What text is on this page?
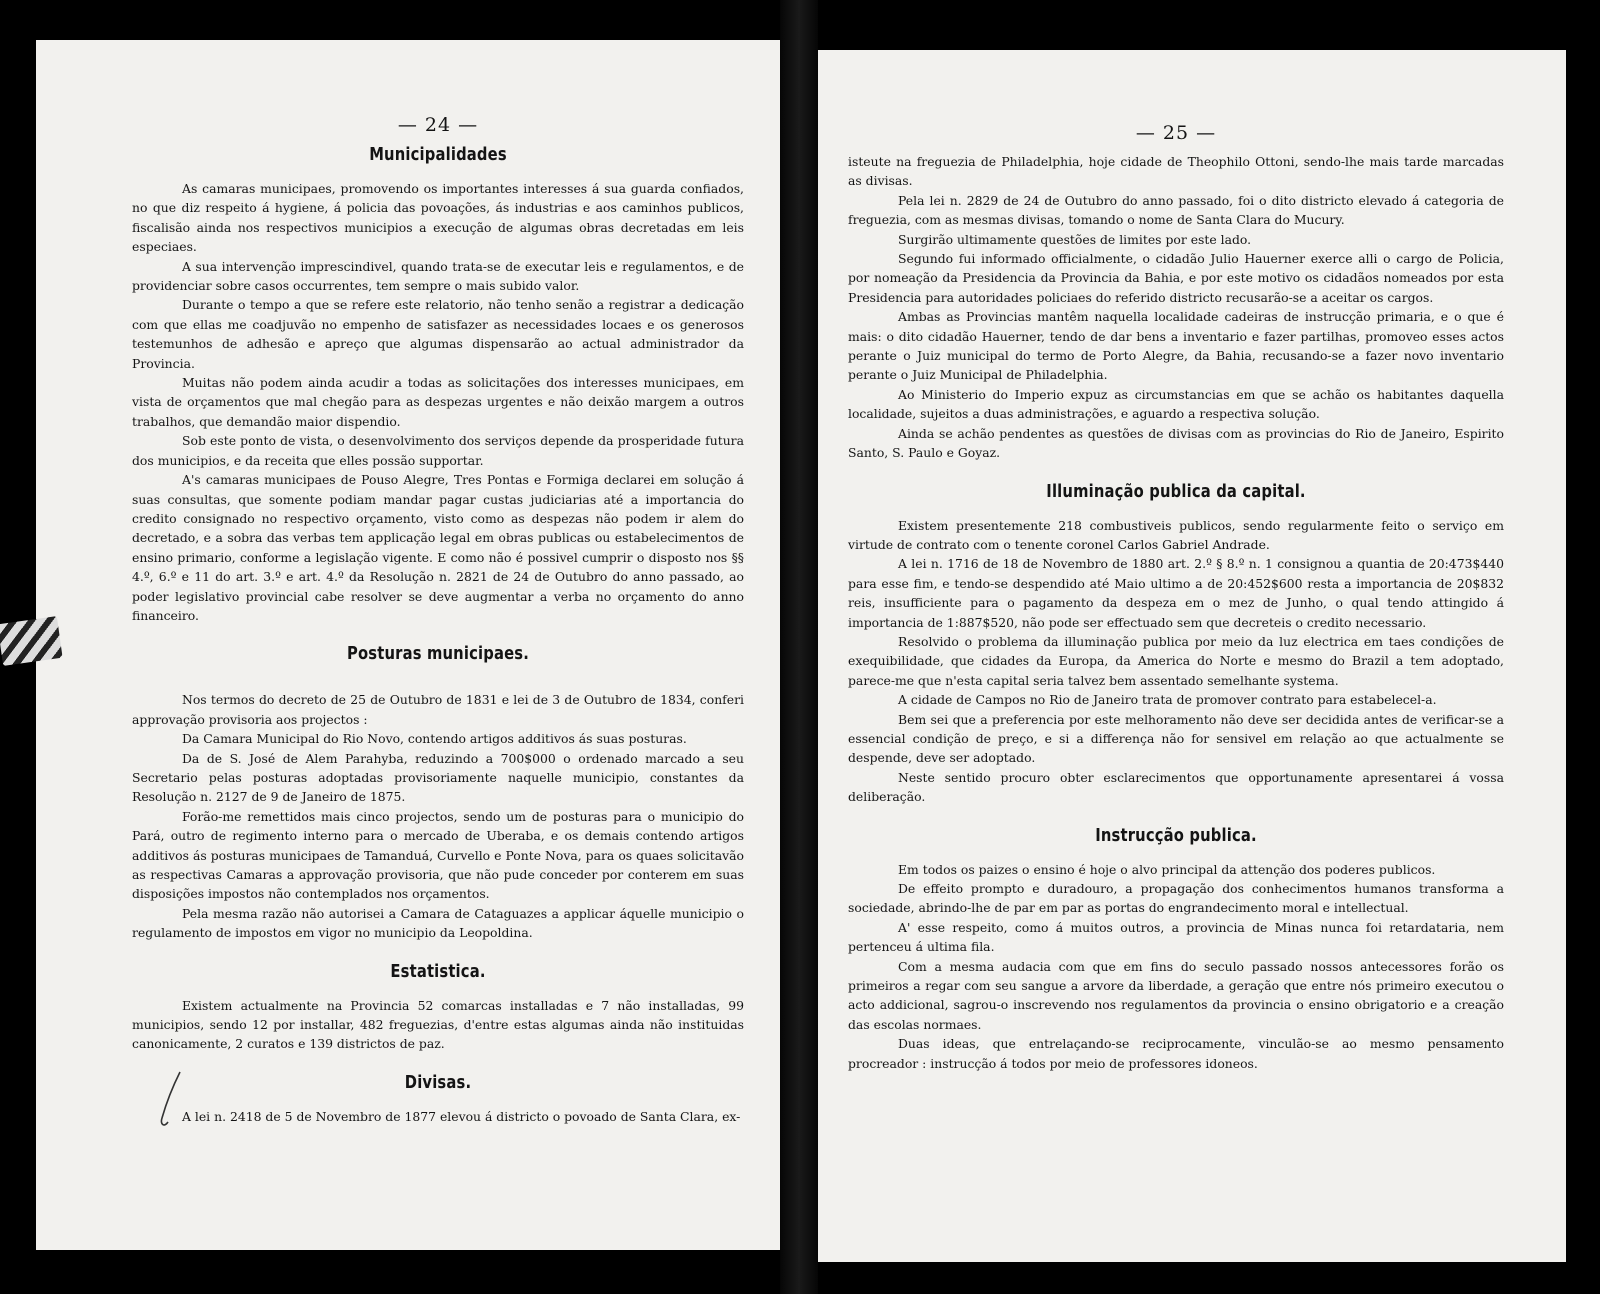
— 24 —
Municipalidades

As camaras municipaes, promovendo os importantes interesses á sua guarda confiados, no que diz respeito á hygiene, á policia das povoações, ás industrias e aos caminhos publicos, fiscalisão ainda nos respectivos municipios a execução de algumas obras decretadas em leis especiaes.

A sua intervenção imprescindivel, quando trata-se de executar leis e regulamentos, e de providenciar sobre casos occurrentes, tem sempre o mais subido valor.

Durante o tempo a que se refere este relatorio, não tenho senão a registrar a dedicação com que ellas me coadjuvão no empenho de satisfazer as necessidades locaes e os generosos testemunhos de adhesão e apreço que algumas dispensarão ao actual administrador da Provincia.

Muitas não podem ainda acudir a todas as solicitações dos interesses municipaes, em vista de orçamentos que mal chegão para as despezas urgentes e não deixão margem a outros trabalhos, que demandão maior dispendio.

Sob este ponto de vista, o desenvolvimento dos serviços depende da prosperidade futura dos municipios, e da receita que elles possão supportar.

A's camaras municipaes de Pouso Alegre, Tres Pontas e Formiga declarei em solução á suas consultas, que somente podiam mandar pagar custas judiciarias até a importancia do credito consignado no respectivo orçamento, visto como as despezas não podem ir alem do decretado, e a sobra das verbas tem applicação legal em obras publicas ou estabelecimentos de ensino primario, conforme a legislação vigente. E como não é possivel cumprir o disposto nos §§ 4.º, 6.º e 11 do art. 3.º e art. 4.º da Resolução n. 2821 de 24 de Outubro do anno passado, ao poder legislativo provincial cabe resolver se deve augmentar a verba no orçamento do anno financeiro.

Posturas municipaes.

Nos termos do decreto de 25 de Outubro de 1831 e lei de 3 de Outubro de 1834, conferi approvação provisoria aos projectos :

Da Camara Municipal do Rio Novo, contendo artigos additivos ás suas posturas.

Da de S. José de Alem Parahyba, reduzindo a 700$000 o ordenado marcado a seu Secretario pelas posturas adoptadas provisoriamente naquelle municipio, constantes da Resolução n. 2127 de 9 de Janeiro de 1875.

Forão-me remettidos mais cinco projectos, sendo um de posturas para o municipio do Pará, outro de regimento interno para o mercado de Uberaba, e os demais contendo artigos additivos ás posturas municipaes de Tamanduá, Curvello e Ponte Nova, para os quaes solicitavão as respectivas Camaras a approvação provisoria, que não pude conceder por conterem em suas disposições impostos não contemplados nos orçamentos.

Pela mesma razão não autorisei a Camara de Cataguazes a applicar áquelle municipio o regulamento de impostos em vigor no municipio da Leopoldina.

Estatistica.

Existem actualmente na Provincia 52 comarcas installadas e 7 não installadas, 99 municipios, sendo 12 por installar, 482 freguezias, d'entre estas algumas ainda não instituidas canonicamente, 2 curatos e 139 districtos de paz.

Divisas.

A lei n. 2418 de 5 de Novembro de 1877 elevou á districto o povoado de Santa Clara, ex-

— 25 —

isteute na freguezia de Philadelphia, hoje cidade de Theophilo Ottoni, sendo-lhe mais tarde marcadas as divisas.

Pela lei n. 2829 de 24 de Outubro do anno passado, foi o dito districto elevado á categoria de freguezia, com as mesmas divisas, tomando o nome de Santa Clara do Mucury.

Surgirão ultimamente questões de limites por este lado.

Segundo fui informado officialmente, o cidadão Julio Hauerner exerce alli o cargo de Policia, por nomeação da Presidencia da Provincia da Bahia, e por este motivo os cidadãos nomeados por esta Presidencia para autoridades policiaes do referido districto recusarão-se a aceitar os cargos.

Ambas as Provincias mantêm naquella localidade cadeiras de instrucção primaria, e o que é mais: o dito cidadão Hauerner, tendo de dar bens a inventario e fazer partilhas, promoveo esses actos perante o Juiz municipal do termo de Porto Alegre, da Bahia, recusando-se a fazer novo inventario perante o Juiz Municipal de Philadelphia.

Ao Ministerio do Imperio expuz as circumstancias em que se achão os habitantes daquella localidade, sujeitos a duas administrações, e aguardo a respectiva solução.

Ainda se achão pendentes as questões de divisas com as provincias do Rio de Janeiro, Espirito Santo, S. Paulo e Goyaz.

Illuminação publica da capital.

Existem presentemente 218 combustiveis publicos, sendo regularmente feito o serviço em virtude de contrato com o tenente coronel Carlos Gabriel Andrade.

A lei n. 1716 de 18 de Novembro de 1880 art. 2.º § 8.º n. 1 consignou a quantia de 20:473$440 para esse fim, e tendo-se despendido até Maio ultimo a de 20:452$600 resta a importancia de 20$832 reis, insufficiente para o pagamento da despeza em o mez de Junho, o qual tendo attingido á importancia de 1:887$520, não pode ser effectuado sem que decreteis o credito necessario.

Resolvido o problema da illuminação publica por meio da luz electrica em taes condições de exequibilidade, que cidades da Europa, da America do Norte e mesmo do Brazil a tem adoptado, parece-me que n'esta capital seria talvez bem assentado semelhante systema.

A cidade de Campos no Rio de Janeiro trata de promover contrato para estabelecel-a.

Bem sei que a preferencia por este melhoramento não deve ser decidida antes de verificar-se a essencial condição de preço, e si a differença não for sensivel em relação ao que actualmente se despende, deve ser adoptado.

Neste sentido procuro obter esclarecimentos que opportunamente apresentarei á vossa deliberação.

Instrucção publica.

Em todos os paizes o ensino é hoje o alvo principal da attenção dos poderes publicos.

De effeito prompto e duradouro, a propagação dos conhecimentos humanos transforma a sociedade, abrindo-lhe de par em par as portas do engrandecimento moral e intellectual.

A' esse respeito, como á muitos outros, a provincia de Minas nunca foi retardataria, nem pertenceu á ultima fila.

Com a mesma audacia com que em fins do seculo passado nossos antecessores forão os primeiros a regar com seu sangue a arvore da liberdade, a geração que entre nós primeiro executou o acto addicional, sagrou-o inscrevendo nos regulamentos da provincia o ensino obrigatorio e a creação das escolas normaes.

Duas ideas, que entrelaçando-se reciprocamente, vinculão-se ao mesmo pensamento procreador : instrucção á todos por meio de professores idoneos.
